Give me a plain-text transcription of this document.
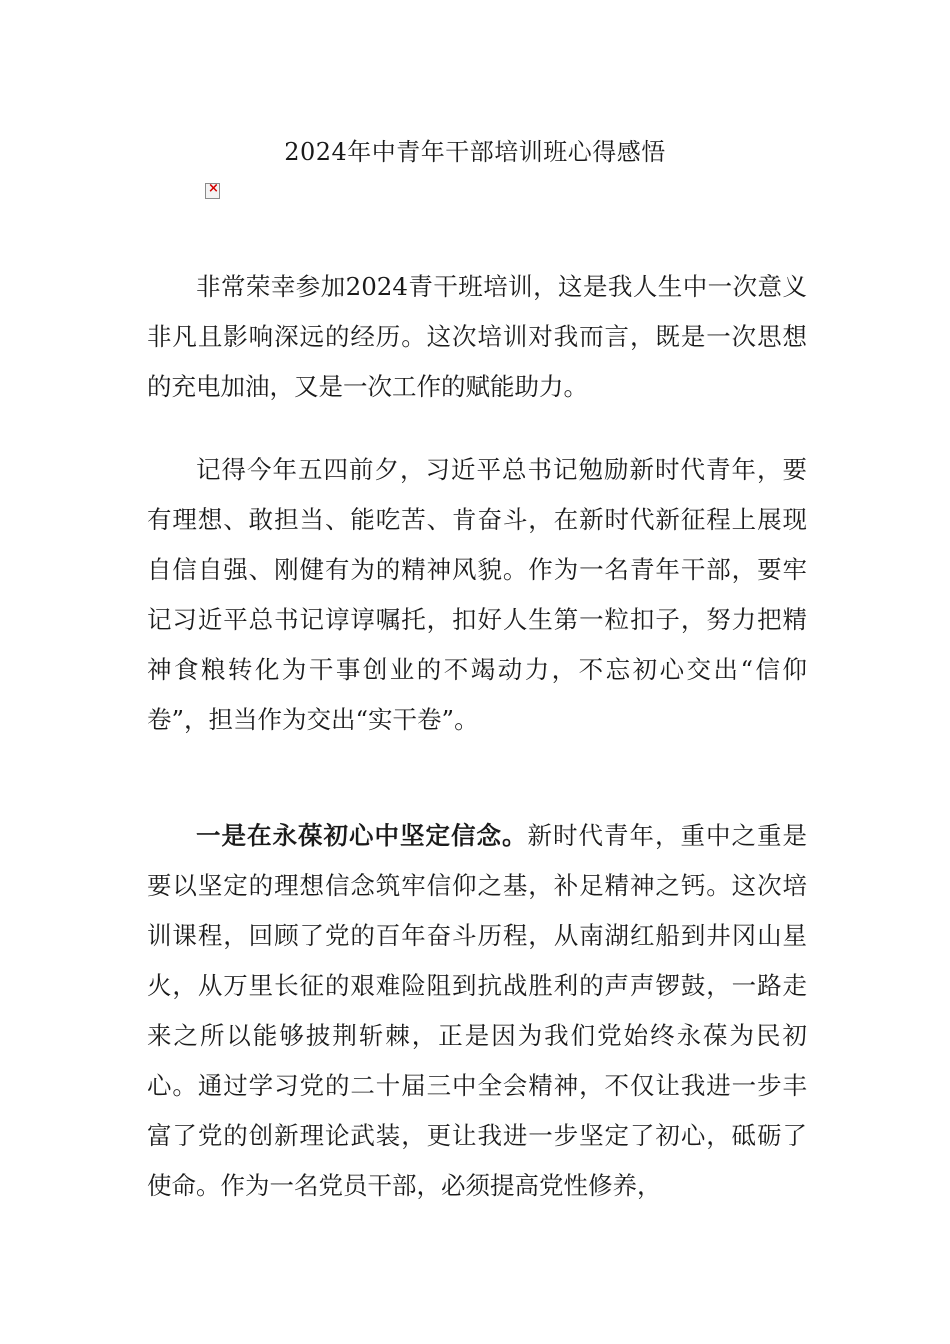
2024年中青年干部培训班心得感悟
×

非常荣幸参加2024青干班培训，这是我人生中一次意义非凡且影响深远的经历。这次培训对我而言，既是一次思想的充电加油，又是一次工作的赋能助力。

记得今年五四前夕，习近平总书记勉励新时代青年，要有理想、敢担当、能吃苦、肯奋斗，在新时代新征程上展现自信自强、刚健有为的精神风貌。作为一名青年干部，要牢记习近平总书记谆谆嘱托，扣好人生第一粒扣子，努力把精神食粮转化为干事创业的不竭动力，不忘初心交出“信仰卷”，担当作为交出“实干卷”。

一是在永葆初心中坚定信念。新时代青年，重中之重是要以坚定的理想信念筑牢信仰之基，补足精神之钙。这次培训课程，回顾了党的百年奋斗历程，从南湖红船到井冈山星火，从万里长征的艰难险阻到抗战胜利的声声锣鼓，一路走来之所以能够披荆斩棘，正是因为我们党始终永葆为民初心。通过学习党的二十届三中全会精神，不仅让我进一步丰富了党的创新理论武装，更让我进一步坚定了初心，砥砺了使命。作为一名党员干部，必须提高党性修养，
